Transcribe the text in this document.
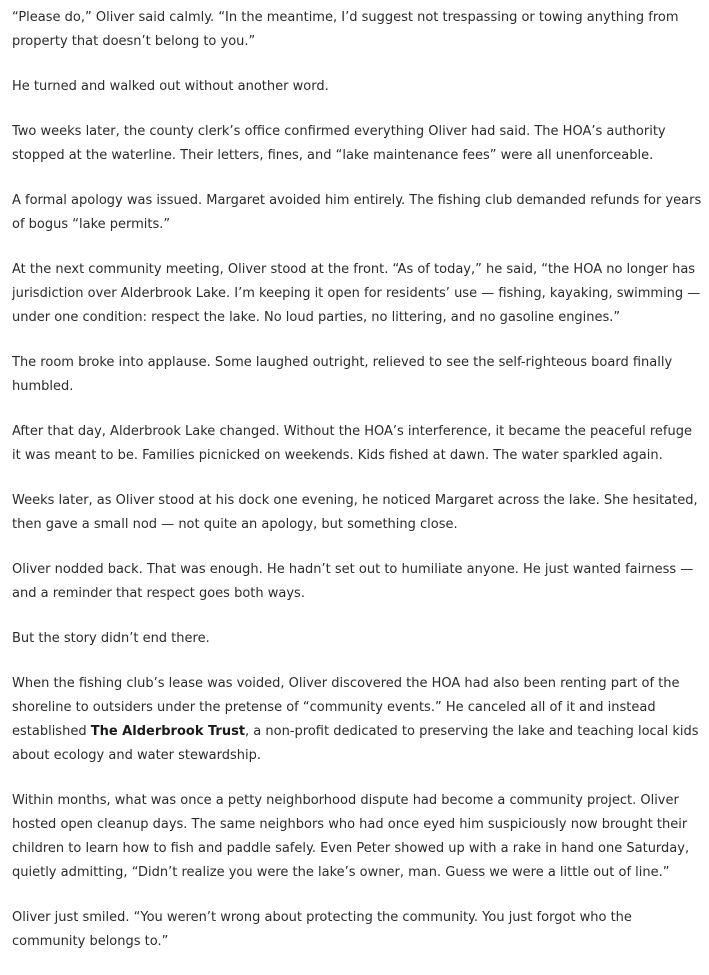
“Please do,” Oliver said calmly. “In the meantime, I’d suggest not trespassing or towing anything from property that doesn’t belong to you.”

He turned and walked out without another word.

Two weeks later, the county clerk’s office confirmed everything Oliver had said. The HOA’s authority stopped at the waterline. Their letters, fines, and “lake maintenance fees” were all unenforceable.

A formal apology was issued. Margaret avoided him entirely. The fishing club demanded refunds for years of bogus “lake permits.”

At the next community meeting, Oliver stood at the front. “As of today,” he said, “the HOA no longer has jurisdiction over Alderbrook Lake. I’m keeping it open for residents’ use — fishing, kayaking, swimming — under one condition: respect the lake. No loud parties, no littering, and no gasoline engines.”

The room broke into applause. Some laughed outright, relieved to see the self-righteous board finally humbled.

After that day, Alderbrook Lake changed. Without the HOA’s interference, it became the peaceful refuge it was meant to be. Families picnicked on weekends. Kids fished at dawn. The water sparkled again.

Weeks later, as Oliver stood at his dock one evening, he noticed Margaret across the lake. She hesitated, then gave a small nod — not quite an apology, but something close.

Oliver nodded back. That was enough. He hadn’t set out to humiliate anyone. He just wanted fairness — and a reminder that respect goes both ways.

But the story didn’t end there.

When the fishing club’s lease was voided, Oliver discovered the HOA had also been renting part of the shoreline to outsiders under the pretense of “community events.” He canceled all of it and instead established The Alderbrook Trust, a non-profit dedicated to preserving the lake and teaching local kids about ecology and water stewardship.

Within months, what was once a petty neighborhood dispute had become a community project. Oliver hosted open cleanup days. The same neighbors who had once eyed him suspiciously now brought their children to learn how to fish and paddle safely. Even Peter showed up with a rake in hand one Saturday, quietly admitting, “Didn’t realize you were the lake’s owner, man. Guess we were a little out of line.”

Oliver just smiled. “You weren’t wrong about protecting the community. You just forgot who the community belongs to.”
